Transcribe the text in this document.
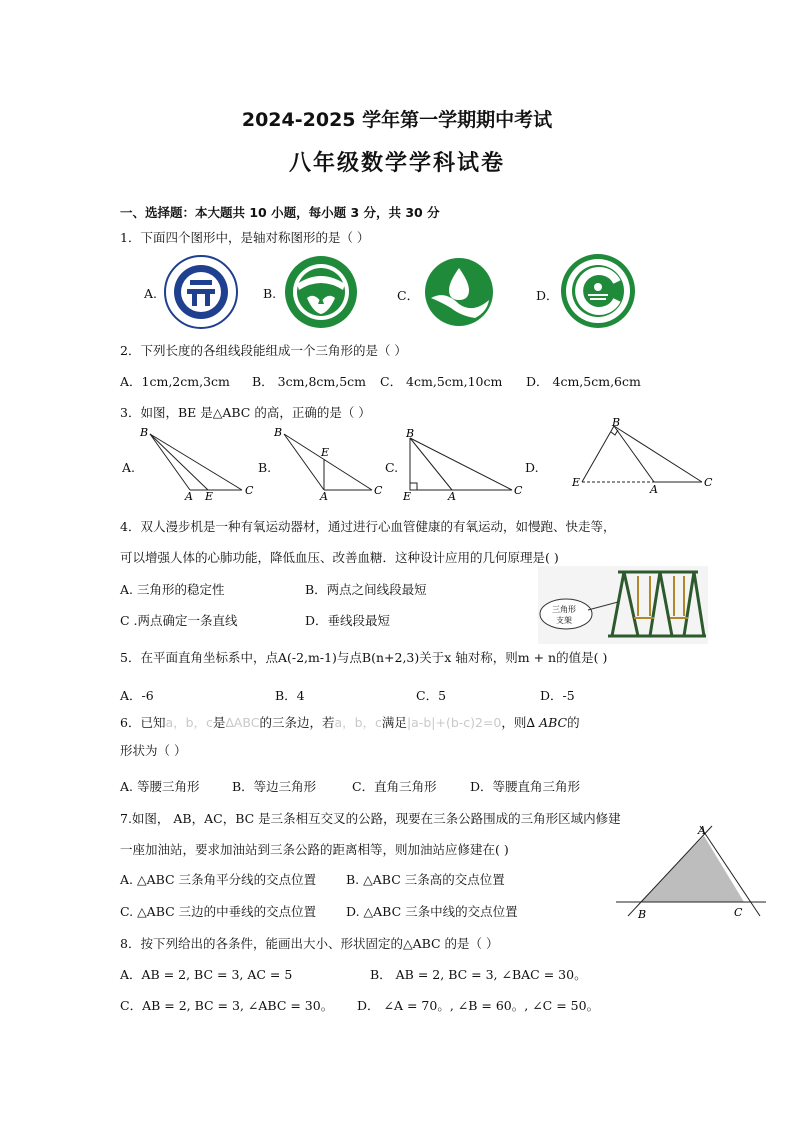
2024-2025 学年第一学期期中考试
八年级数学学科试卷
一、选择题：本大题共 10 小题，每小题 3 分，共 30 分
1．下面四个图形中，是轴对称图形的是（ ）
A.	B.	C．	D．
2．下列长度的各组线段能组成一个三角形的是（ ）
A．1cm,2cm,3cm B． 3cm,8cm,5cm C． 4cm,5cm,10cm D． 4cm,5cm,6cm
3．如图，BE 是△ABC 的高，正确的是（ ）
A.	B.	C.	D.
B
A E	C
B
E
A	C
B
E	A	C
B
E
A
C
4．双人漫步机是一种有氧运动器材，通过进行心血管健康的有氧运动，如慢跑、快走等，
可以增强人体的心肺功能，降低血压、改善血糖．这种设计应用的几何原理是( )
A. 三角形的稳定性	B．两点之间线段最短
C .两点确定一条直线	D．垂线段最短
三角形
支架
5．在平面直角坐标系中，点A(-2,m-1)与点B(n+2,3)关于x 轴对称，则m + n的值是( )
A．-6	B．4	C．5	D．-5
6．已知a，b，c是∆ABC的三条边，若a，b，c满足|a-b|+(b-c)2=0，则∆ ABC的
形状为（ ）
A. 等腰三角形	B．等边三角形	C．直角三角形	D．等腰直角三角形
7.如图， AB，AC，BC 是三条相互交叉的公路，现要在三条公路围成的三角形区域内修建
一座加油站，要求加油站到三条公路的距离相等，则加油站应修建在( )
A. △ABC 三条角平分线的交点位置 B. △ABC 三条高的交点位置
C. △ABC 三边的中垂线的交点位置 D. △ABC 三条中线的交点位置
A
B	C
8．按下列给出的各条件，能画出大小、形状固定的△ABC 的是（ ）
A．AB = 2, BC = 3, AC = 5	B． AB = 2, BC = 3, ∠BAC = 30。
C．AB = 2, BC = 3, ∠ABC = 30。 D． ∠A = 70。, ∠B = 60。, ∠C = 50。
